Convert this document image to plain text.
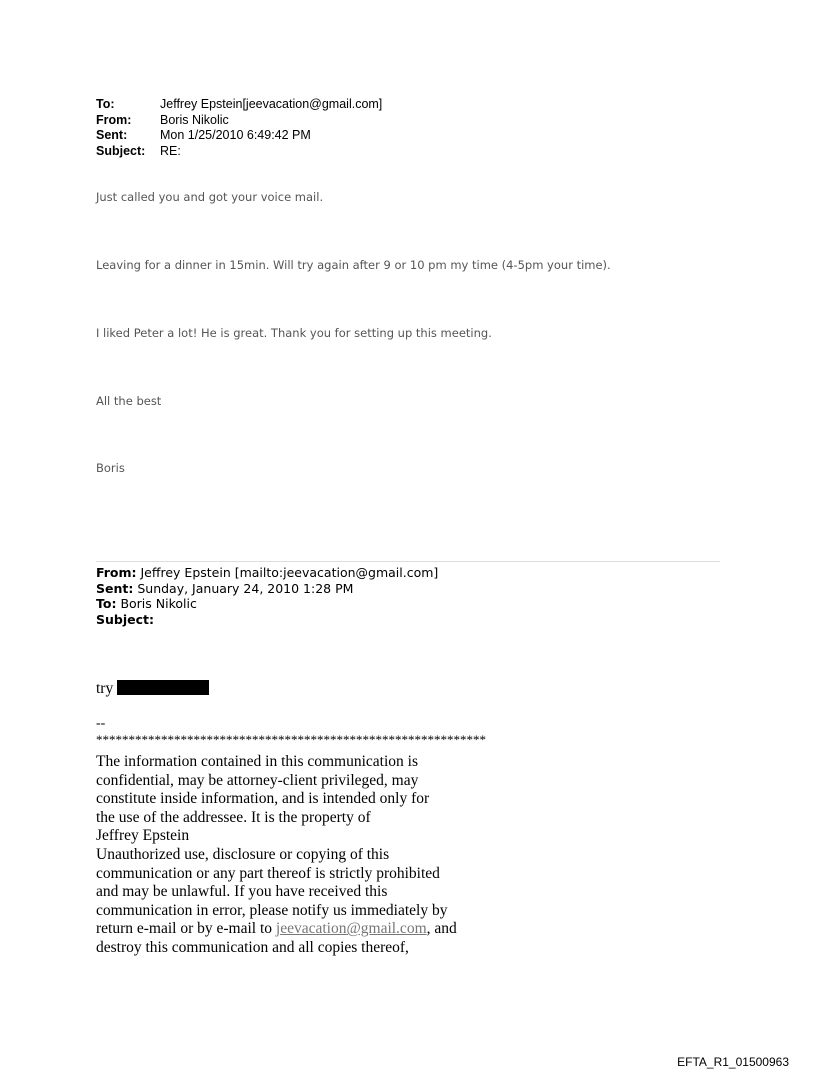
To:	Jeffrey Epstein[jeevacation@gmail.com]
From:	Boris Nikolic
Sent:	Mon 1/25/2010 6:49:42 PM
Subject:	RE:
Just called you and got your voice mail.
Leaving for a dinner in 15min. Will try again after 9 or 10 pm my time (4-5pm your time).
I liked Peter a lot! He is great. Thank you for setting up this meeting.
All the best
Boris
From: Jeffrey Epstein [mailto:jeevacation@gmail.com]
Sent: Sunday, January 24, 2010 1:28 PM
To: Boris Nikolic
Subject:
try
--
************************************************************
The information contained in this communication is
confidential, may be attorney-client privileged, may
constitute inside information, and is intended only for
the use of the addressee. It is the property of
Jeffrey Epstein
Unauthorized use, disclosure or copying of this
communication or any part thereof is strictly prohibited
and may be unlawful. If you have received this
communication in error, please notify us immediately by
return e-mail or by e-mail to jeevacation@gmail.com, and
destroy this communication and all copies thereof,
EFTA_R1_01500963
